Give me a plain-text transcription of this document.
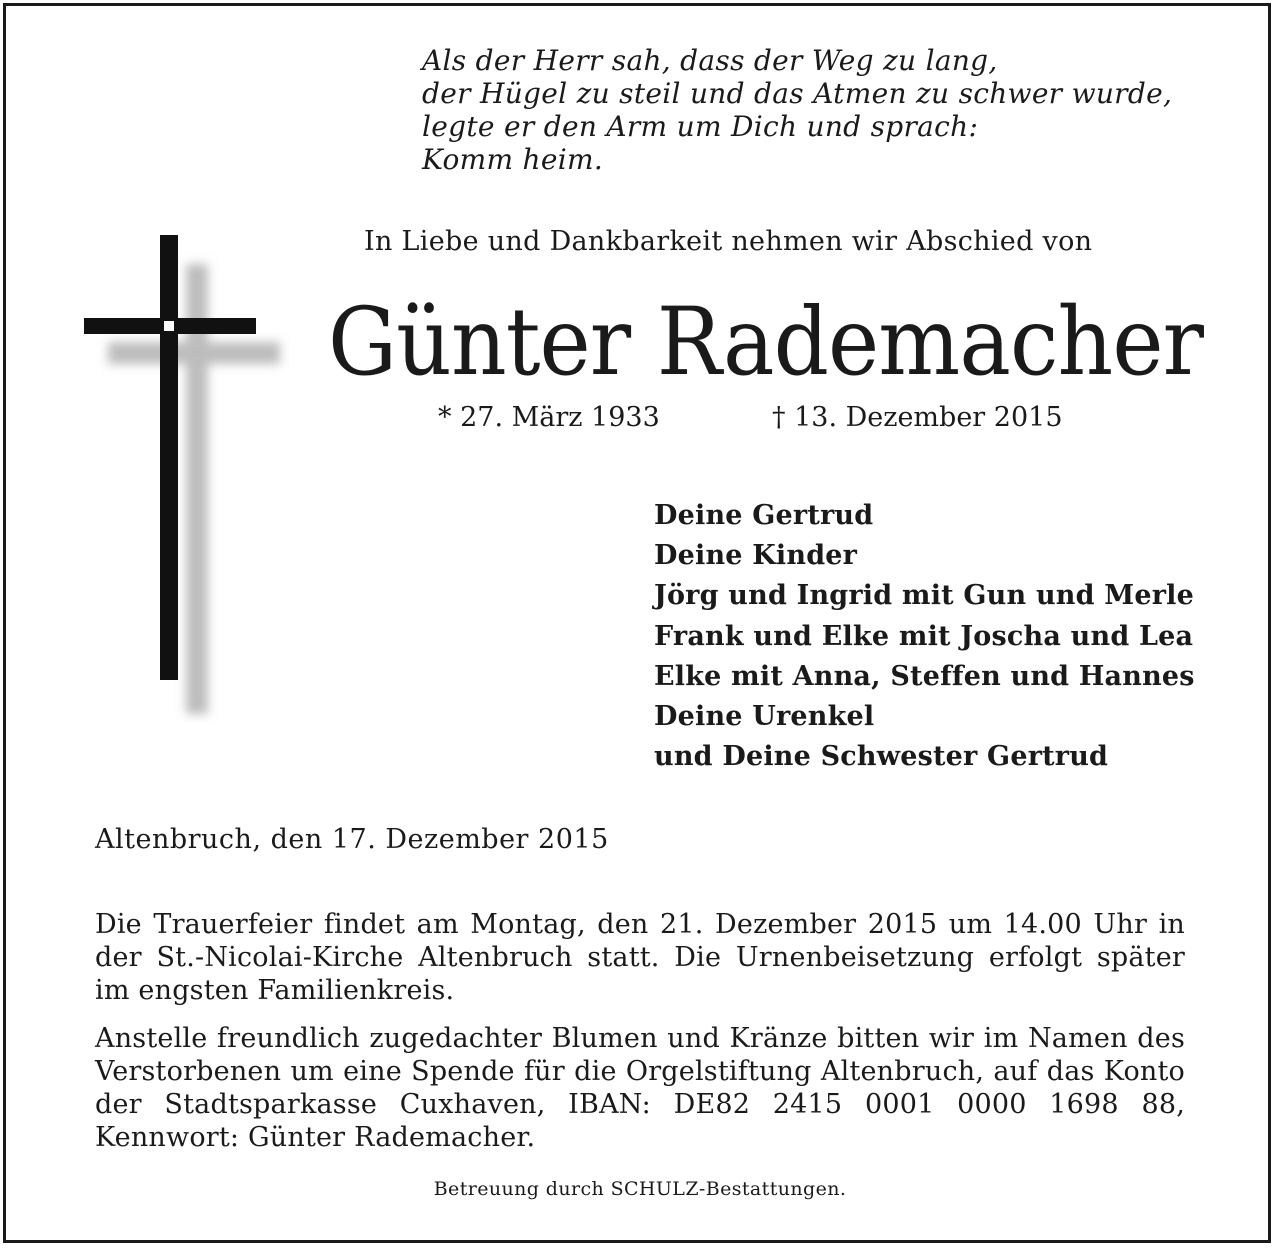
Als der Herr sah, dass der Weg zu lang,
der Hügel zu steil und das Atmen zu schwer wurde,
legte er den Arm um Dich und sprach:
Komm heim.
In Liebe und Dankbarkeit nehmen wir Abschied von
Günter Rademacher
* 27. März 1933	† 13. Dezember 2015
Deine Gertrud
Deine Kinder
Jörg und Ingrid mit Gun und Merle
Frank und Elke mit Joscha und Lea
Elke mit Anna, Steffen und Hannes
Deine Urenkel
und Deine Schwester Gertrud
Altenbruch, den 17. Dezember 2015
Die Trauerfeier findet am Montag, den 21. Dezember 2015 um 14.00 Uhr in der St.-Nicolai-Kirche Altenbruch statt. Die Urnenbeisetzung erfolgt später im engsten Familienkreis.
Anstelle freundlich zugedachter Blumen und Kränze bitten wir im Namen des Verstorbenen um eine Spende für die Orgelstiftung Altenbruch, auf das Konto der Stadtsparkasse Cuxhaven, IBAN: DE82 2415 0001 0000 1698 88, Kennwort: Günter Rademacher.
Betreuung durch SCHULZ-Bestattungen.
